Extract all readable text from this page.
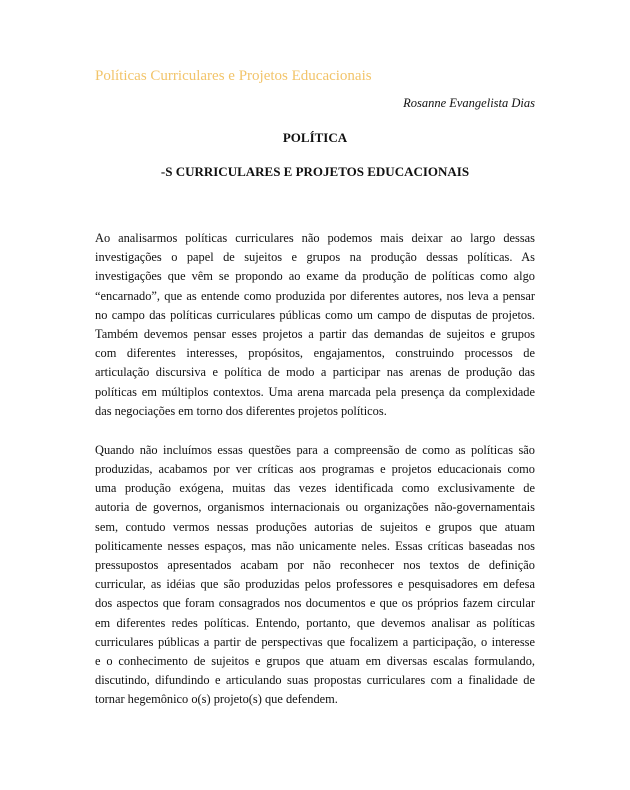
Políticas Curriculares e Projetos Educacionais
Rosanne Evangelista Dias
POLÍTICA
-S CURRICULARES E PROJETOS EDUCACIONAIS
Ao analisarmos políticas curriculares não podemos mais deixar ao largo dessas
investigações o papel de sujeitos e grupos na produção dessas políticas. As
investigações que vêm se propondo ao exame da produção de políticas como algo
“encarnado”, que as entende como produzida por diferentes autores, nos leva a pensar
no campo das políticas curriculares públicas como um campo de disputas de projetos.
Também devemos pensar esses projetos a partir das demandas de sujeitos e grupos
com diferentes interesses, propósitos, engajamentos, construindo processos de
articulação discursiva e política de modo a participar nas arenas de produção das
políticas em múltiplos contextos. Uma arena marcada pela presença da complexidade
das negociações em torno dos diferentes projetos políticos.
Quando não incluímos essas questões para a compreensão de como as políticas são
produzidas, acabamos por ver críticas aos programas e projetos educacionais como
uma produção exógena, muitas das vezes identificada como exclusivamente de
autoria de governos, organismos internacionais ou organizações não-governamentais
sem, contudo vermos nessas produções autorias de sujeitos e grupos que atuam
politicamente nesses espaços, mas não unicamente neles. Essas críticas baseadas nos
pressupostos apresentados acabam por não reconhecer nos textos de definição
curricular, as idéias que são produzidas pelos professores e pesquisadores em defesa
dos aspectos que foram consagrados nos documentos e que os próprios fazem circular
em diferentes redes políticas. Entendo, portanto, que devemos analisar as políticas
curriculares públicas a partir de perspectivas que focalizem a participação, o interesse
e o conhecimento de sujeitos e grupos que atuam em diversas escalas formulando,
discutindo, difundindo e articulando suas propostas curriculares com a finalidade de
tornar hegemônico o(s) projeto(s) que defendem.
